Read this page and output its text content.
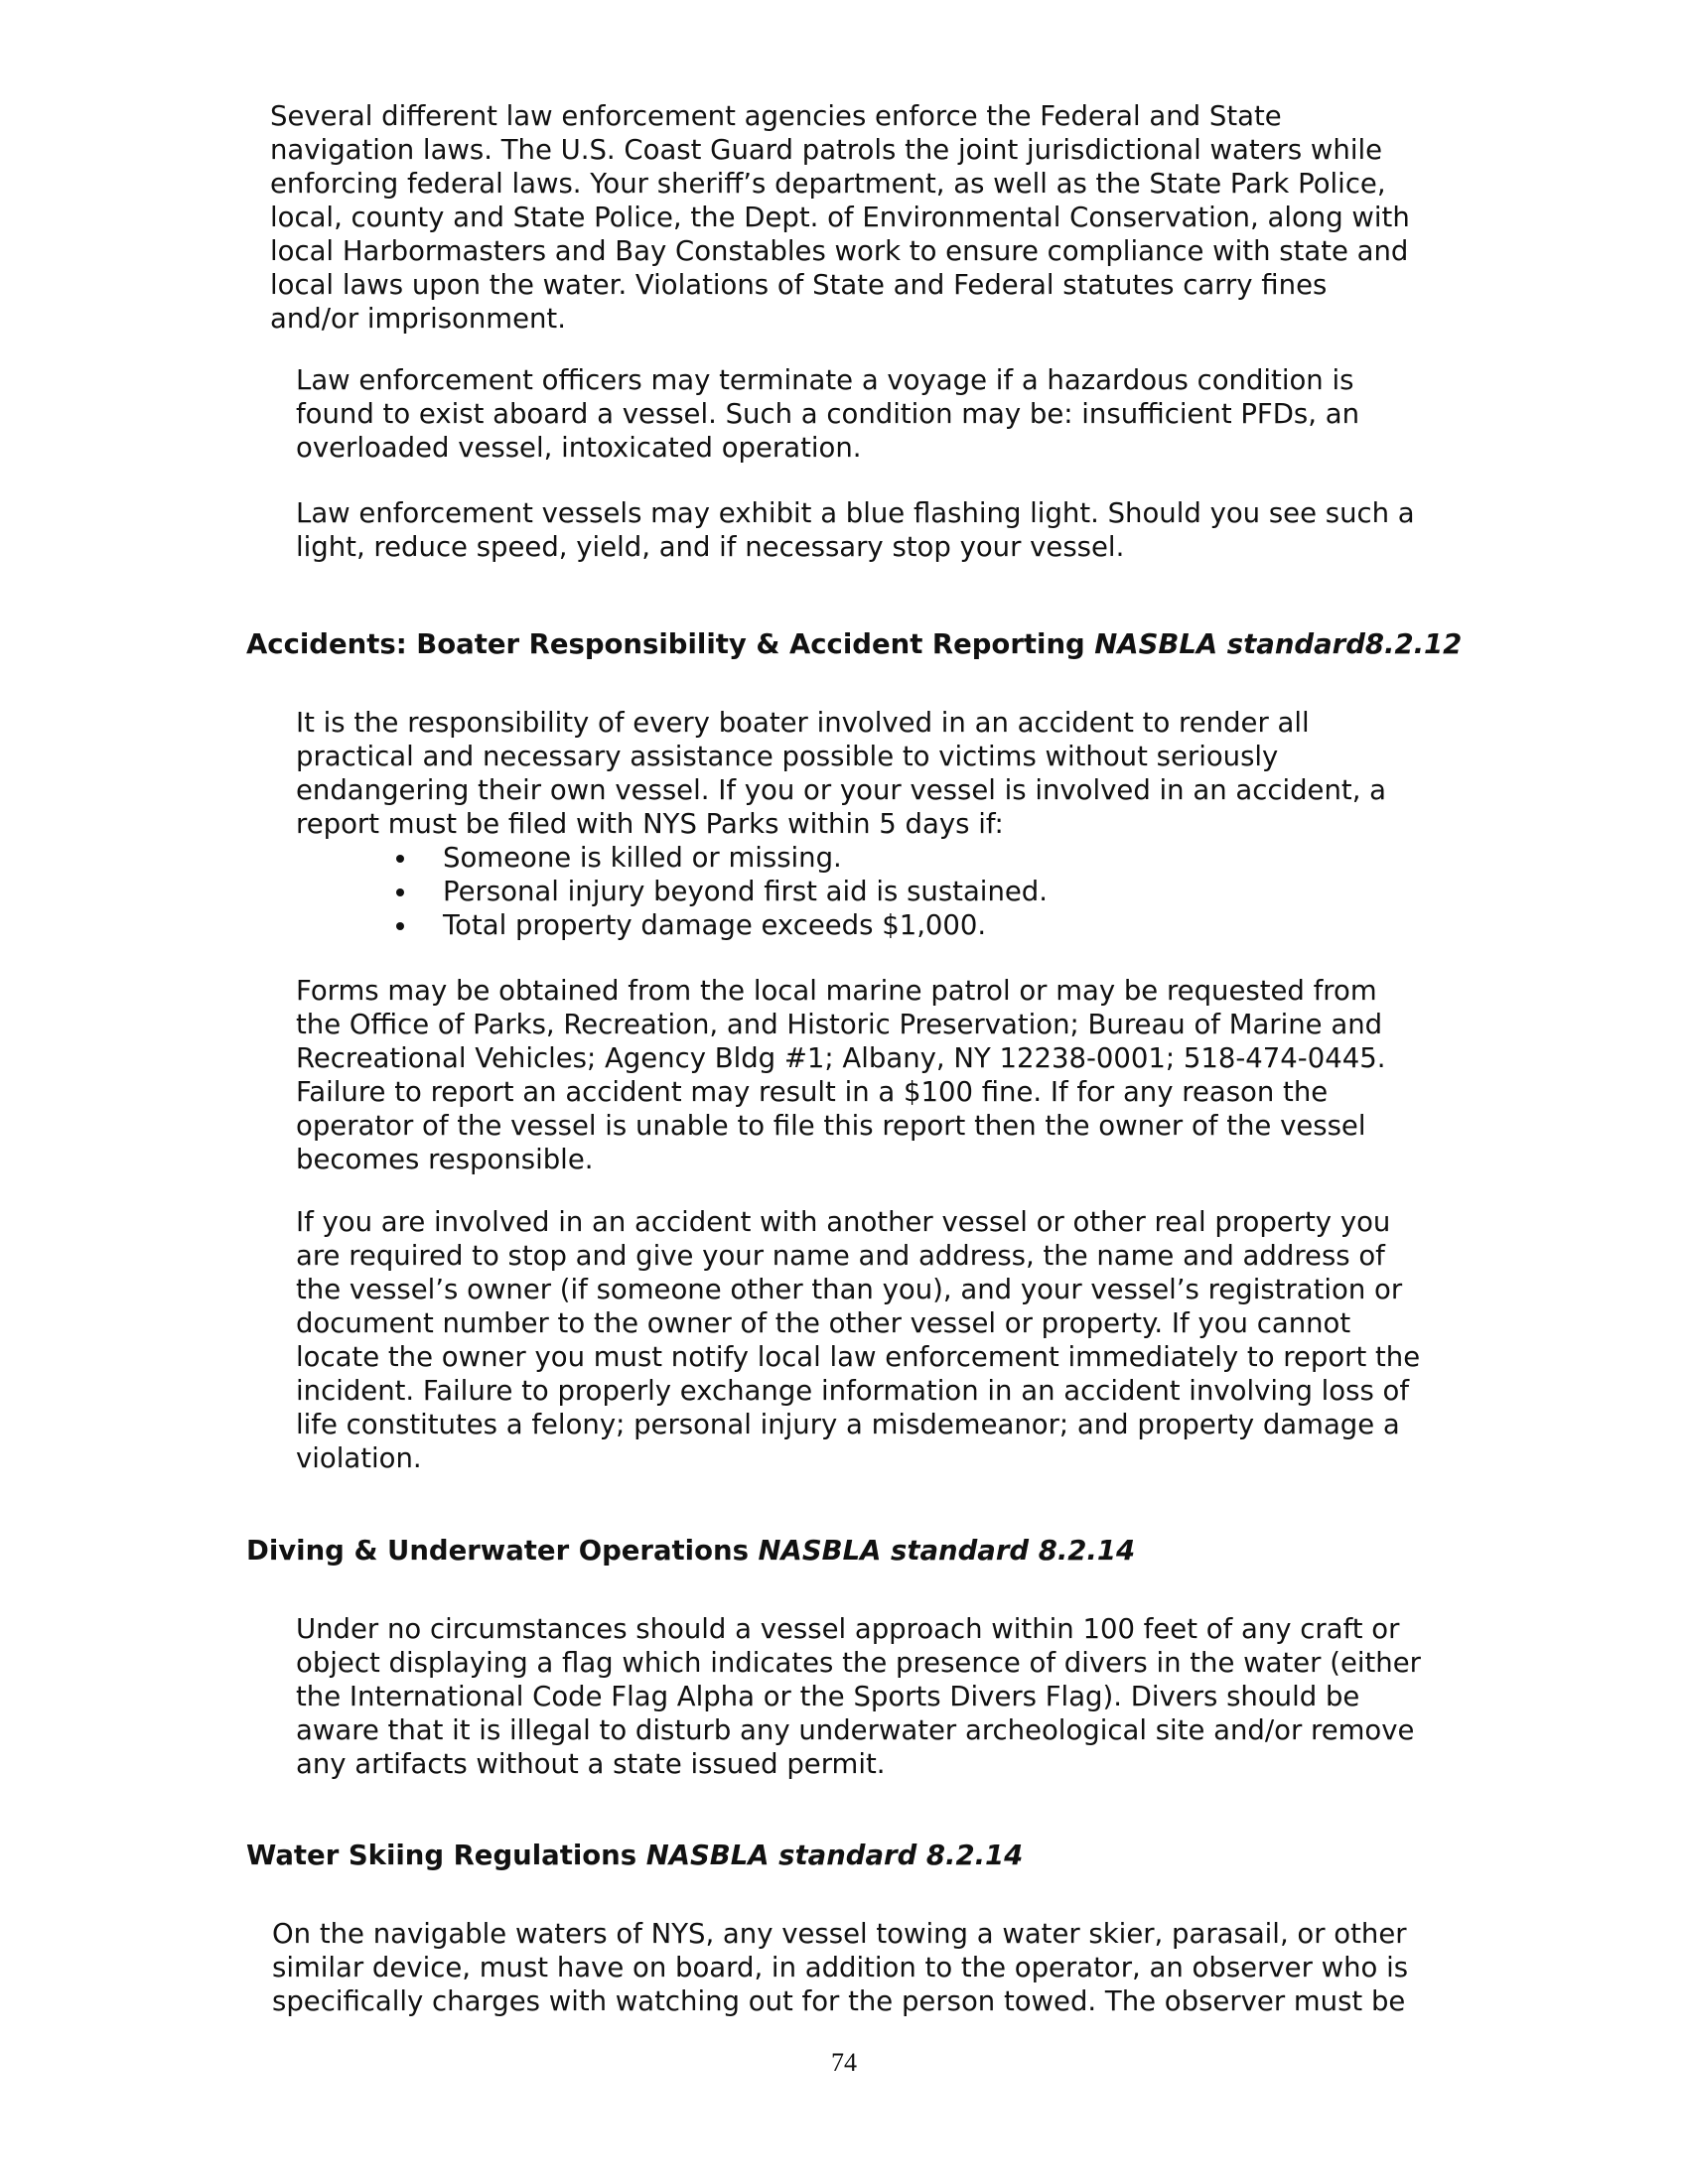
Several different law enforcement agencies enforce the Federal and State
navigation laws. The U.S. Coast Guard patrols the joint jurisdictional waters while
enforcing federal laws. Your sheriff’s department, as well as the State Park Police,
local, county and State Police, the Dept. of Environmental Conservation, along with
local Harbormasters and Bay Constables work to ensure compliance with state and
local laws upon the water. Violations of State and Federal statutes carry fines
and/or imprisonment.
Law enforcement officers may terminate a voyage if a hazardous condition is
found to exist aboard a vessel. Such a condition may be: insufficient PFDs, an
overloaded vessel, intoxicated operation.
Law enforcement vessels may exhibit a blue flashing light. Should you see such a
light, reduce speed, yield, and if necessary stop your vessel.
Accidents: Boater Responsibility & Accident Reporting NASBLA standard8.2.12
It is the responsibility of every boater involved in an accident to render all
practical and necessary assistance possible to victims without seriously
endangering their own vessel. If you or your vessel is involved in an accident, a
report must be filed with NYS Parks within 5 days if:
Someone is killed or missing.
Personal injury beyond first aid is sustained.
Total property damage exceeds $1,000.
Forms may be obtained from the local marine patrol or may be requested from
the Office of Parks, Recreation, and Historic Preservation; Bureau of Marine and
Recreational Vehicles; Agency Bldg #1; Albany, NY 12238-0001; 518-474-0445.
Failure to report an accident may result in a $100 fine. If for any reason the
operator of the vessel is unable to file this report then the owner of the vessel
becomes responsible.
If you are involved in an accident with another vessel or other real property you
are required to stop and give your name and address, the name and address of
the vessel’s owner (if someone other than you), and your vessel’s registration or
document number to the owner of the other vessel or property. If you cannot
locate the owner you must notify local law enforcement immediately to report the
incident. Failure to properly exchange information in an accident involving loss of
life constitutes a felony; personal injury a misdemeanor; and property damage a
violation.
Diving & Underwater Operations NASBLA standard 8.2.14
Under no circumstances should a vessel approach within 100 feet of any craft or
object displaying a flag which indicates the presence of divers in the water (either
the International Code Flag Alpha or the Sports Divers Flag). Divers should be
aware that it is illegal to disturb any underwater archeological site and/or remove
any artifacts without a state issued permit.
Water Skiing Regulations NASBLA standard 8.2.14
On the navigable waters of NYS, any vessel towing a water skier, parasail, or other
similar device, must have on board, in addition to the operator, an observer who is
specifically charges with watching out for the person towed. The observer must be
74
